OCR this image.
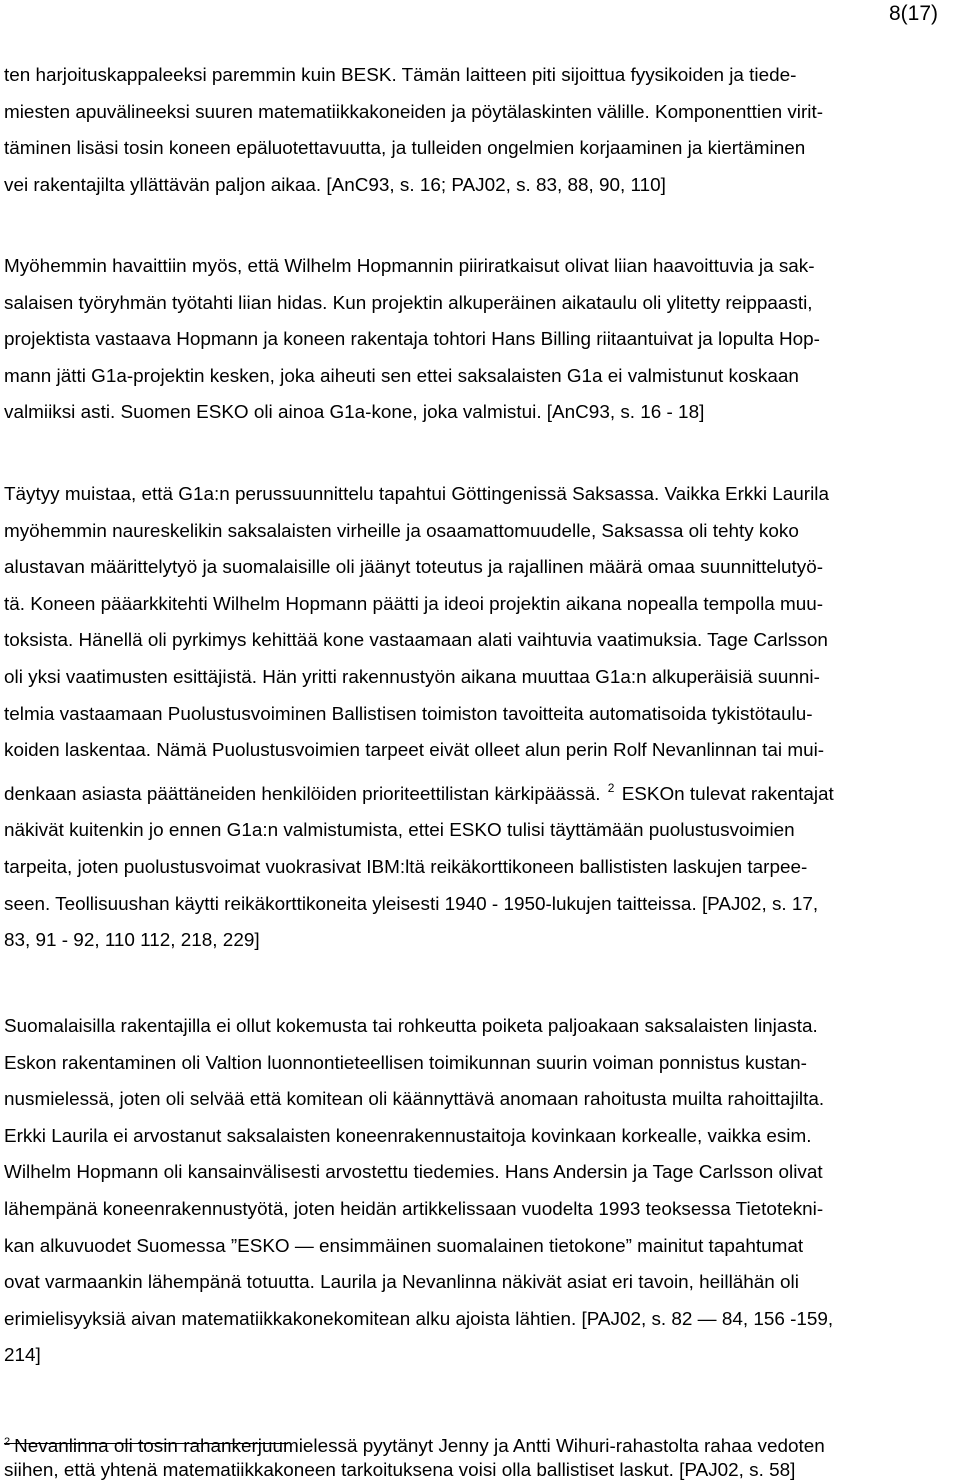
8(17)

ten harjoituskappaleeksi paremmin kuin BESK. Tämän laitteen piti sijoittua fyysikoiden ja tiede-
miesten apuvälineeksi suuren matematiikkakoneiden ja pöytälaskinten välille. Komponenttien virit-
täminen lisäsi tosin koneen epäluotettavuutta, ja tulleiden ongelmien korjaaminen ja kiertäminen
vei rakentajilta yllättävän paljon aikaa. [AnC93, s. 16; PAJ02, s. 83, 88, 90, 110]

Myöhemmin havaittiin myös, että Wilhelm Hopmannin piiriratkaisut olivat liian haavoittuvia ja sak-
salaisen työryhmän työtahti liian hidas. Kun projektin alkuperäinen aikataulu oli ylitetty reippaasti,
projektista vastaava Hopmann ja koneen rakentaja tohtori Hans Billing riitaantuivat ja lopulta Hop-
mann jätti G1a-projektin kesken, joka aiheuti sen ettei saksalaisten G1a ei valmistunut koskaan
valmiiksi asti. Suomen ESKO oli ainoa G1a-kone, joka valmistui. [AnC93, s. 16 - 18]

Täytyy muistaa, että G1a:n perussuunnittelu tapahtui Göttingenissä Saksassa. Vaikka Erkki Laurila
myöhemmin naureskelikin saksalaisten virheille ja osaamattomuudelle, Saksassa oli tehty koko
alustavan määrittelytyö ja suomalaisille oli jäänyt toteutus ja rajallinen määrä omaa suunnittelutyö-
tä. Koneen pääarkkitehti Wilhelm Hopmann päätti ja ideoi projektin aikana nopealla tempolla muu-
toksista. Hänellä oli pyrkimys kehittää kone vastaamaan alati vaihtuvia vaatimuksia. Tage Carlsson
oli yksi vaatimusten esittäjistä. Hän yritti rakennustyön aikana muuttaa G1a:n alkuperäisiä suunni-
telmia vastaamaan Puolustusvoiminen Ballistisen toimiston tavoitteita automatisoida tykistötaulu-
koiden laskentaa. Nämä Puolustusvoimien tarpeet eivät olleet alun perin Rolf Nevanlinnan tai mui-
denkaan asiasta päättäneiden henkilöiden prioriteettilistan kärkipäässä. $^2$ ESKOn tulevat rakentajat
näkivät kuitenkin jo ennen G1a:n valmistumista, ettei ESKO tulisi täyttämään puolustusvoimien
tarpeita, joten puolustusvoimat vuokrasivat IBM:ltä reikäkorttikoneen ballististen laskujen tarpee-
seen. Teollisuushan käytti reikäkorttikoneita yleisesti 1940 - 1950-lukujen taitteissa. [PAJ02, s. 17,
83, 91 - 92, 110 112, 218, 229]

Suomalaisilla rakentajilla ei ollut kokemusta tai rohkeutta poiketa paljoakaan saksalaisten linjasta.
Eskon rakentaminen oli Valtion luonnontieteellisen toimikunnan suurin voiman ponnistus kustan-
nusmielessä, joten oli selvää että komitean oli käännyttävä anomaan rahoitusta muilta rahoittajilta.
Erkki Laurila ei arvostanut saksalaisten koneenrakennustaitoja kovinkaan korkealle, vaikka esim.
Wilhelm Hopmann oli kansainvälisesti arvostettu tiedemies. Hans Andersin ja Tage Carlsson olivat
lähempänä koneenrakennustyötä, joten heidän artikkelissaan vuodelta 1993 teoksessa Tietotekni-
kan alkuvuodet Suomessa ”ESKO — ensimmäinen suomalainen tietokone” mainitut tapahtumat
ovat varmaankin lähempänä totuutta. Laurila ja Nevanlinna näkivät asiat eri tavoin, heillähän oli
erimielisyyksiä aivan matematiikkakonekomitean alku ajoista lähtien. [PAJ02, s. 82 — 84, 156 -159,
214]

$^2$ Nevanlinna oli tosin rahankerjuumielessä pyytänyt Jenny ja Antti Wihuri-rahastolta rahaa vedoten
siihen, että yhtenä matematiikkakoneen tarkoituksena voisi olla ballistiset laskut. [PAJ02, s. 58]
